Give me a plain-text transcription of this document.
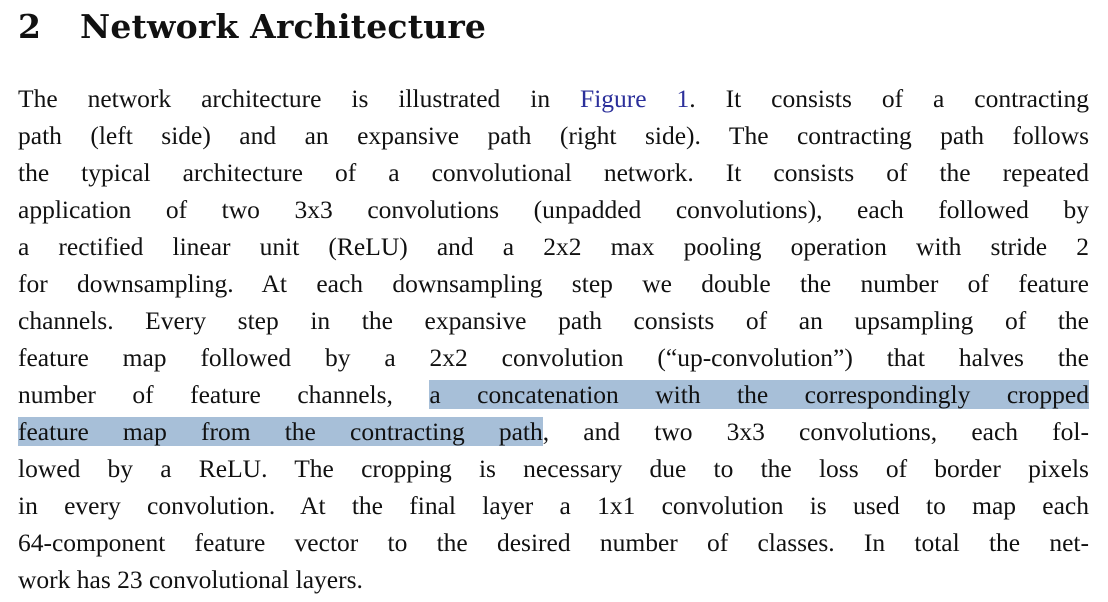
2 Network Architecture
The network architecture is illustrated in Figure 1. It consists of a contracting
path (left side) and an expansive path (right side). The contracting path follows
the typical architecture of a convolutional network. It consists of the repeated
application of two 3x3 convolutions (unpadded convolutions), each followed by
a rectified linear unit (ReLU) and a 2x2 max pooling operation with stride 2
for downsampling. At each downsampling step we double the number of feature
channels. Every step in the expansive path consists of an upsampling of the
feature map followed by a 2x2 convolution (“up-convolution”) that halves the
number of feature channels, a concatenation with the correspondingly cropped
feature map from the contracting path, and two 3x3 convolutions, each fol-
lowed by a ReLU. The cropping is necessary due to the loss of border pixels
in every convolution. At the final layer a 1x1 convolution is used to map each
64-component feature vector to the desired number of classes. In total the net-
work has 23 convolutional layers.
